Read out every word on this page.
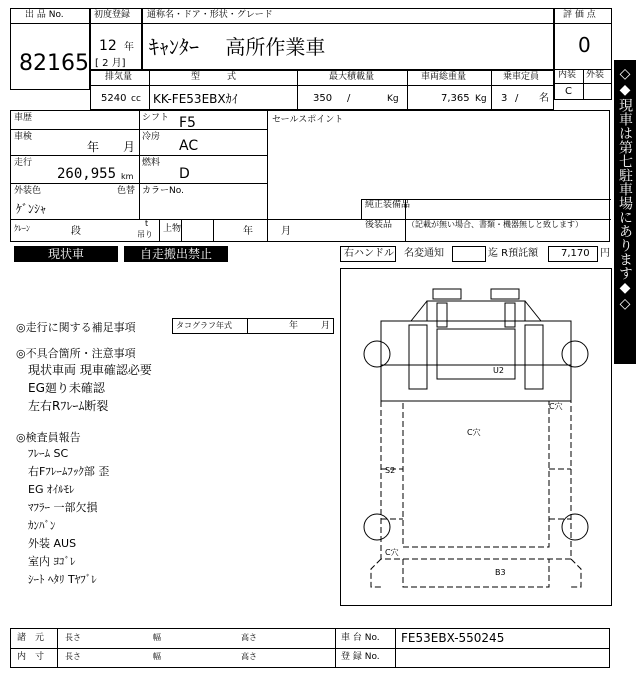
出 品 No.
82165
初度登録
12 年
[ 2 月]
通称名・ドア・形状・グレード
ｷｬﾝﾀｰ　 高所作業車
評 価 点
0
内装 外装
C
排気量
5240 cc
型　　　式
KK-FE53EBXｶｲ
最大積載量
350 /	Kg
車両総重量
7,365 Kg
乗車定員
3 / 名
車歴
車検
年 月
走行
260,955 km
外装色
ｹﾞﾝｼｬ
色替
シフト F5
冷房
AC
燃料
D
カラーNo.
セールスポイント
純正装備品
後装品 （記載が無い場合、書類・機器無しと致します）
ｸﾚｰﾝ	段
t
吊り
上物	年	月
現状車	自走搬出禁止	右ハンドル 名変通知	迄 R預託額 7,170 円
◎走行に関する補足事項	タコグラフ年式	年	月
◎不具合箇所・注意事項
現状車両 現車確認必要
EG廻り未確認
左右Rﾌﾚｰﾑ断裂
◎検査員報告
ﾌﾚｰﾑ SC
右Fﾌﾚｰﾑﾌｯｸ部 歪
EG ｵｲﾙﾓﾚ
ﾏﾌﾗｰ 一部欠損
ｶﾝﾊﾞﾝ
外装 AUS
室内 ﾖｺﾞﾚ
ｼｰﾄ ﾍﾀﾘ Tﾔﾌﾞﾚ
U2
C穴
C穴
S2
C穴
B3
◇◆現車は第七駐車場にあります◆◇
諸　元
内　寸
長さ	幅	高さ
長さ	幅	高さ
車 台 No. FE53EBX-550245
登 録 No.
